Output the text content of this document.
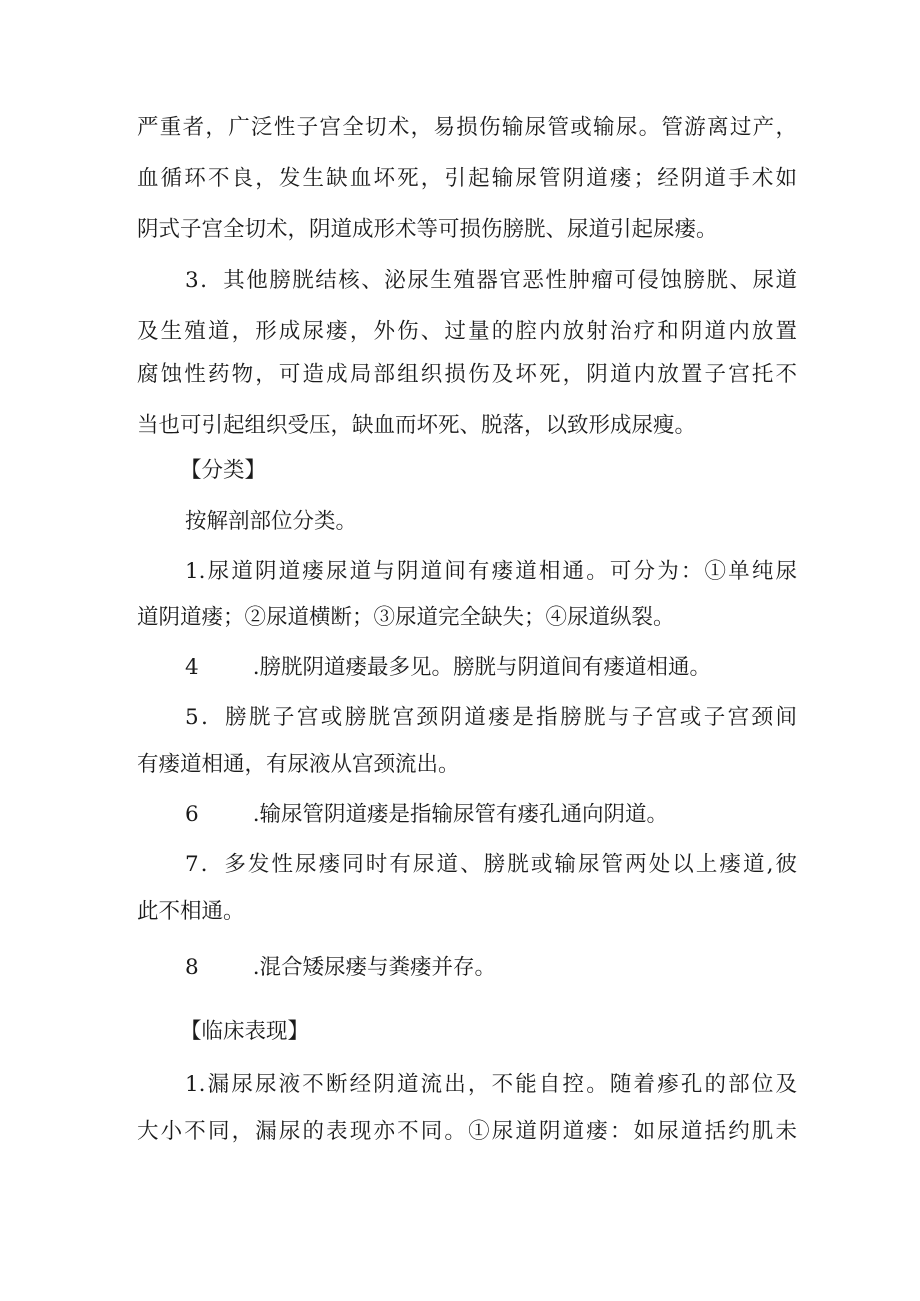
严重者，广泛性子宫全切术，易损伤输尿管或输尿。管游离过产，
血循环不良，发生缺血坏死，引起输尿管阴道瘘；经阴道手术如
阴式子宫全切术，阴道成形术等可损伤膀胱、尿道引起尿瘘。
3．其他膀胱结核、泌尿生殖器官恶性肿瘤可侵蚀膀胱、尿道
及生殖道，形成尿瘘，外伤、过量的腔内放射治疗和阴道内放置
腐蚀性药物，可造成局部组织损伤及坏死，阴道内放置子宫托不
当也可引起组织受压，缺血而坏死、脱落，以致形成尿瘦。
【分类】
按解剖部位分类。
1.尿道阴道瘘尿道与阴道间有瘘道相通。可分为：①单纯尿
道阴道瘘；②尿道横断；③尿道完全缺失；④尿道纵裂。
4	.膀胱阴道瘘最多见。膀胱与阴道间有瘘道相通。
5．膀胱子宫或膀胱宫颈阴道瘘是指膀胱与子宫或子宫颈间
有瘘道相通，有尿液从宫颈流出。
6	.输尿管阴道瘘是指输尿管有瘘孔通向阴道。
7．多发性尿瘘同时有尿道、膀胱或输尿管两处以上瘘道,彼
此不相通。
8	.混合矮尿瘘与粪瘘并存。
【临床表现】
1.漏尿尿液不断经阴道流出，不能自控。随着瘆孔的部位及
大小不同，漏尿的表现亦不同。①尿道阴道瘘：如尿道括约肌未
